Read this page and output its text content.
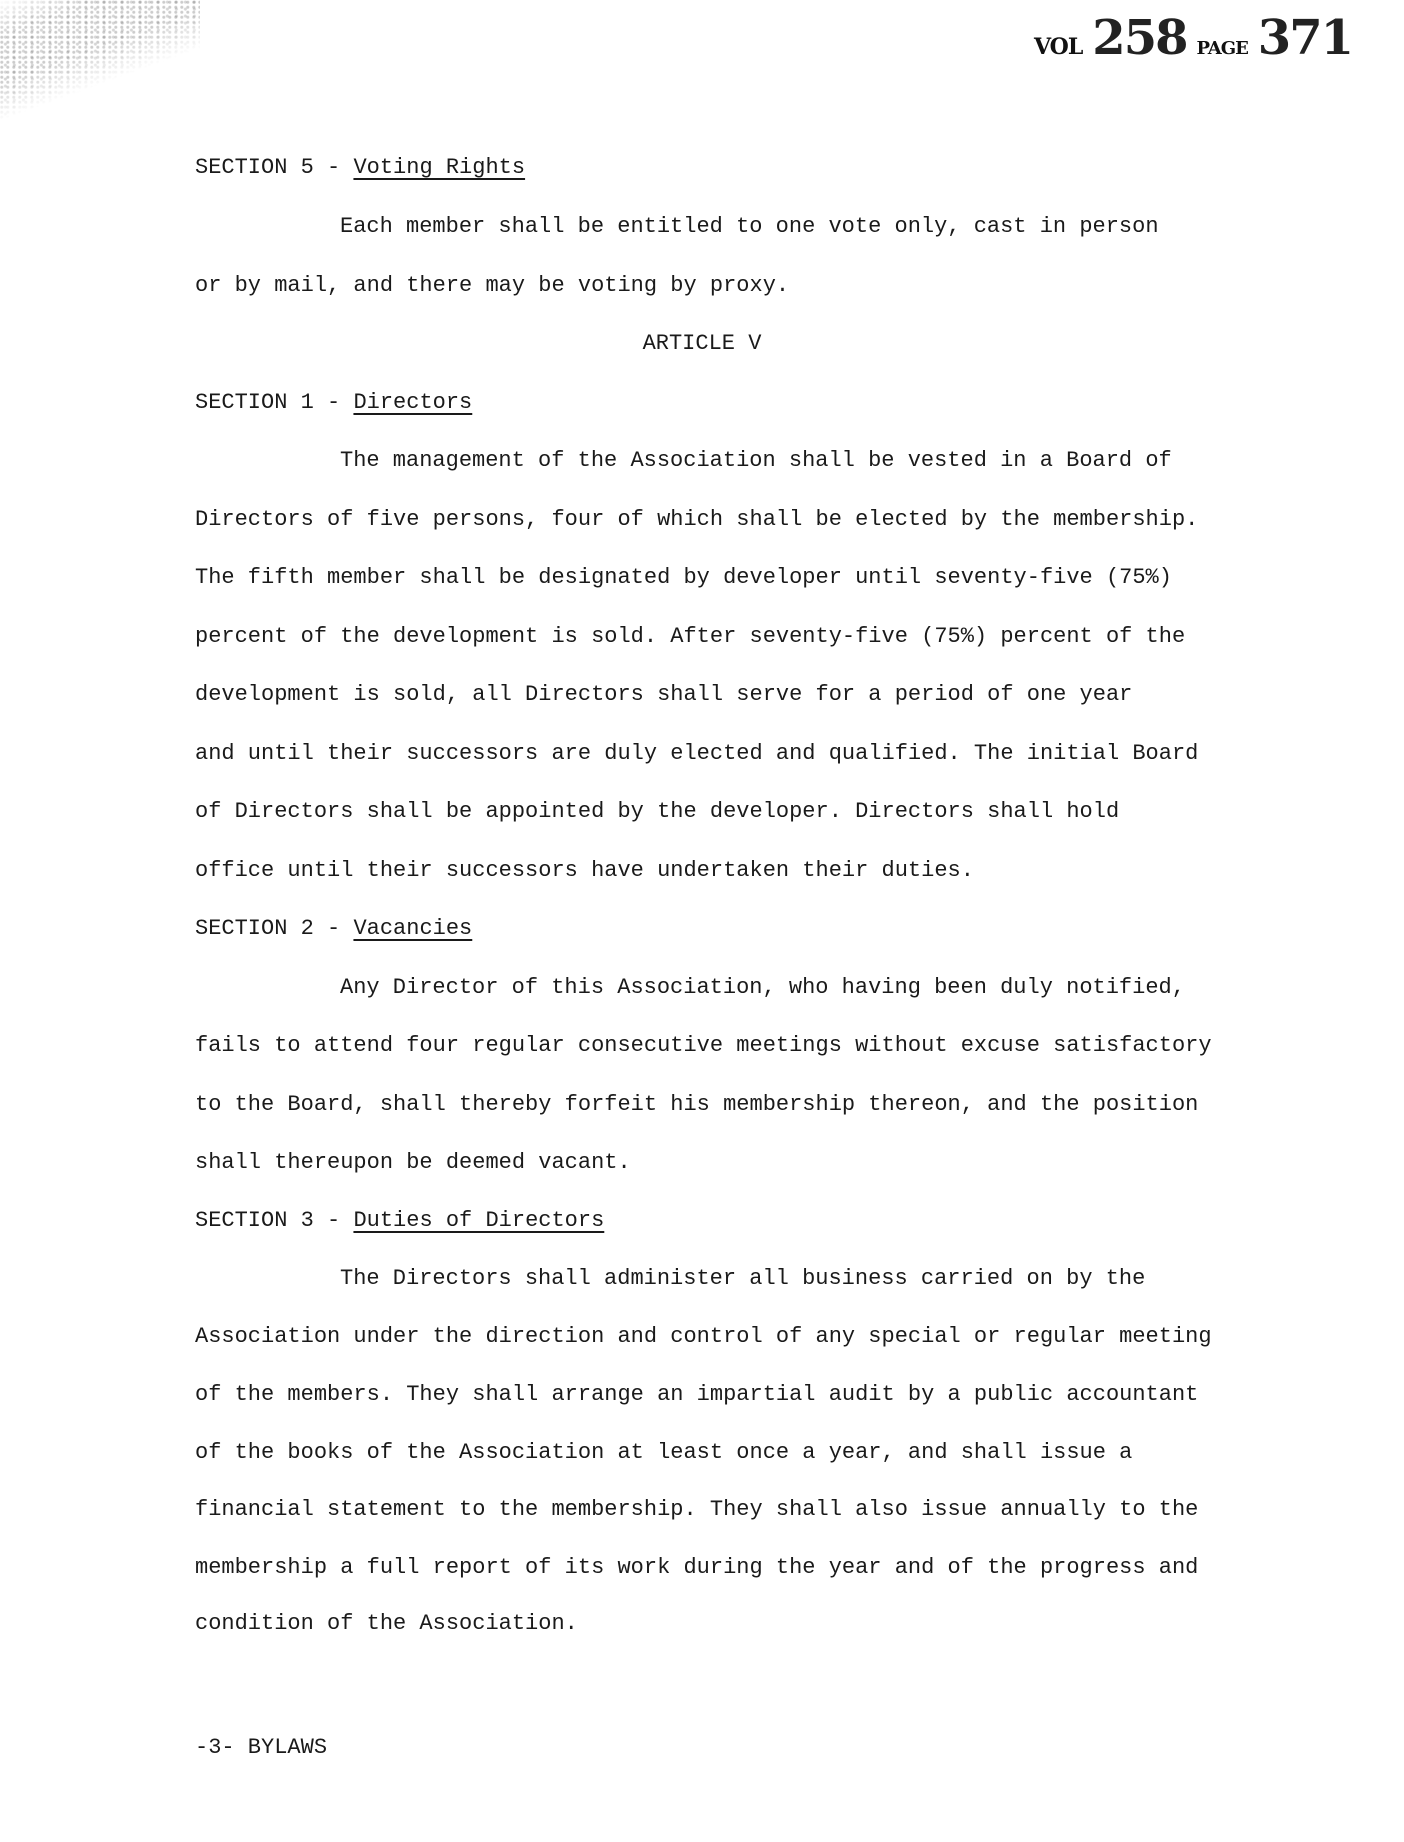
VOL 258 PAGE 371
SECTION 5 - Voting Rights
Each member shall be entitled to one vote only, cast in person
or by mail, and there may be voting by proxy.
ARTICLE V
SECTION 1 - Directors
The management of the Association shall be vested in a Board of
Directors of five persons, four of which shall be elected by the membership.
The fifth member shall be designated by developer until seventy-five (75%)
percent of the development is sold. After seventy-five (75%) percent of the
development is sold, all Directors shall serve for a period of one year
and until their successors are duly elected and qualified. The initial Board
of Directors shall be appointed by the developer. Directors shall hold
office until their successors have undertaken their duties.
SECTION 2 - Vacancies
Any Director of this Association, who having been duly notified,
fails to attend four regular consecutive meetings without excuse satisfactory
to the Board, shall thereby forfeit his membership thereon, and the position
shall thereupon be deemed vacant.
SECTION 3 - Duties of Directors
The Directors shall administer all business carried on by the
Association under the direction and control of any special or regular meeting
of the members. They shall arrange an impartial audit by a public accountant
of the books of the Association at least once a year, and shall issue a
financial statement to the membership. They shall also issue annually to the
membership a full report of its work during the year and of the progress and
condition of the Association.
-3- BYLAWS
